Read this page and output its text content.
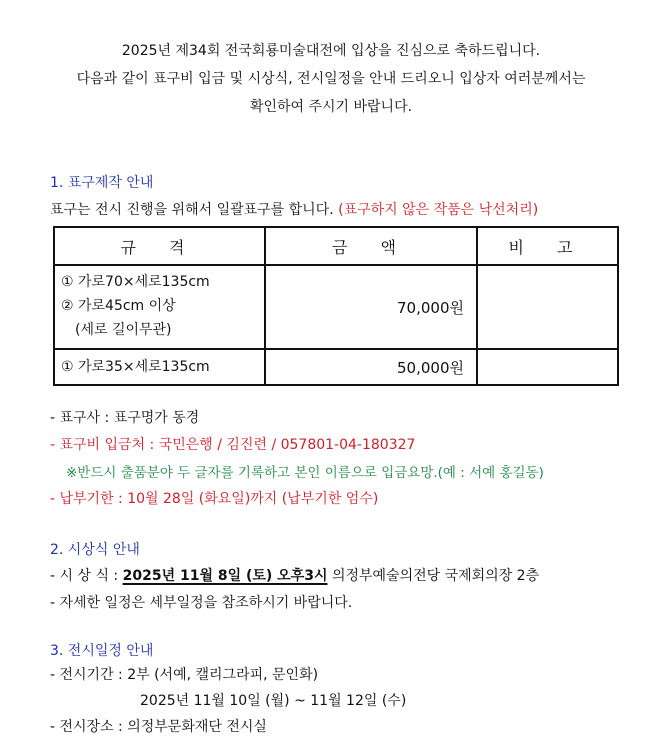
2025년 제34회 전국회룡미술대전에 입상을 진심으로 축하드립니다.
다음과 같이 표구비 입금 및 시상식, 전시일정을 안내 드리오니 입상자 여러분께서는
확인하여 주시기 바랍니다.
1. 표구제작 안내
표구는 전시 진행을 위해서 일괄표구를 합니다. (표구하지 않은 작품은 낙선처리)
규 격	금 액	비 고

① 가로70×세로135cm
② 가로45cm 이상
(세로 길이무관)	70,000원	

① 가로35×세로135cm	50,000원	
- 표구사 : 표구명가 동경
- 표구비 입금처 : 국민은행 / 김진련 / 057801-04-180327
※반드시 출품분야 두 글자를 기록하고 본인 이름으로 입금요망.(예 : 서예 홍길동)
- 납부기한 : 10월 28일 (화요일)까지 (납부기한 엄수)
2. 시상식 안내
- 시 상 식 : 2025년 11월 8일 (토) 오후3시 의정부예술의전당 국제회의장 2층
- 자세한 일정은 세부일정을 참조하시기 바랍니다.
3. 전시일정 안내
- 전시기간 : 2부 (서예, 캘리그라피, 문인화)
2025년 11월 10일 (월) ~ 11월 12일 (수)
- 전시장소 : 의정부문화재단 전시실
